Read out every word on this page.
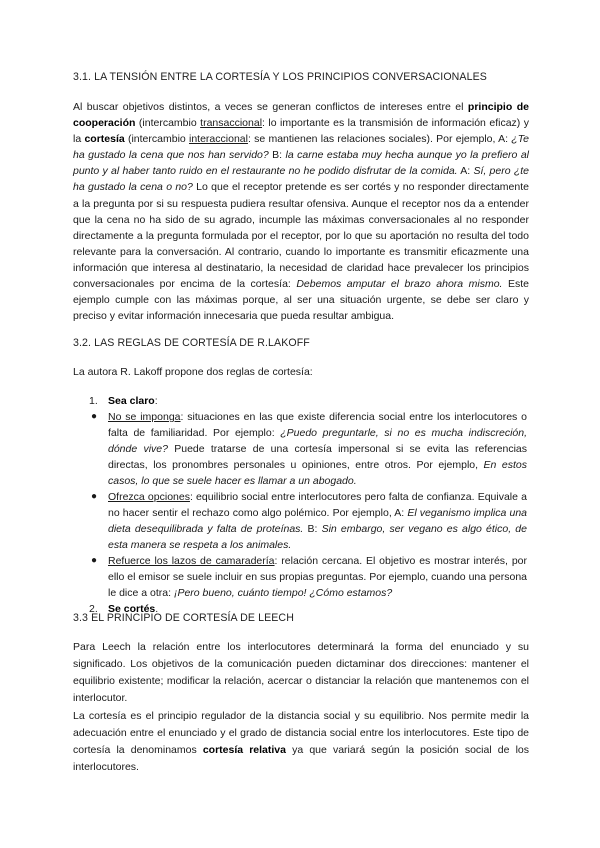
3.1. LA TENSIÓN ENTRE LA CORTESÍA Y LOS PRINCIPIOS CONVERSACIONALES

Al buscar objetivos distintos, a veces se generan conflictos de intereses entre el principio de cooperación (intercambio transaccional: lo importante es la transmisión de información eficaz) y la cortesía (intercambio interaccional: se mantienen las relaciones sociales). Por ejemplo, A: ¿Te ha gustado la cena que nos han servido? B: la carne estaba muy hecha aunque yo la prefiero al punto y al haber tanto ruido en el restaurante no he podido disfrutar de la comida. A: Sí, pero ¿te ha gustado la cena o no? Lo que el receptor pretende es ser cortés y no responder directamente a la pregunta por si su respuesta pudiera resultar ofensiva. Aunque el receptor nos da a entender que la cena no ha sido de su agrado, incumple las máximas conversacionales al no responder directamente a la pregunta formulada por el receptor, por lo que su aportación no resulta del todo relevante para la conversación. Al contrario, cuando lo importante es transmitir eficazmente una información que interesa al destinatario, la necesidad de claridad hace prevalecer los principios conversacionales por encima de la cortesía: Debemos amputar el brazo ahora mismo. Este ejemplo cumple con las máximas porque, al ser una situación urgente, se debe ser claro y preciso y evitar información innecesaria que pueda resultar ambigua.

3.2. LAS REGLAS DE CORTESÍA DE R.LAKOFF

La autora R. Lakoff propone dos reglas de cortesía:

1. Sea claro:
● No se imponga: situaciones en las que existe diferencia social entre los interlocutores o falta de familiaridad. Por ejemplo: ¿Puedo preguntarle, si no es mucha indiscreción, dónde vive? Puede tratarse de una cortesía impersonal si se evita las referencias directas, los pronombres personales u opiniones, entre otros. Por ejemplo, En estos casos, lo que se suele hacer es llamar a un abogado.
● Ofrezca opciones: equilibrio social entre interlocutores pero falta de confianza. Equivale a no hacer sentir el rechazo como algo polémico. Por ejemplo, A: El veganismo implica una dieta desequilibrada y falta de proteínas. B: Sin embargo, ser vegano es algo ético, de esta manera se respeta a los animales.
● Refuerce los lazos de camaradería: relación cercana. El objetivo es mostrar interés, por ello el emisor se suele incluir en sus propias preguntas. Por ejemplo, cuando una persona le dice a otra: ¡Pero bueno, cuánto tiempo! ¿Cómo estamos?
2. Se cortés.
3.3 EL PRINCIPIO DE CORTESÍA DE LEECH

Para Leech la relación entre los interlocutores determinará la forma del enunciado y su significado. Los objetivos de la comunicación pueden dictaminar dos direcciones: mantener el equilibrio existente; modificar la relación, acercar o distanciar la relación que mantenemos con el interlocutor.

La cortesía es el principio regulador de la distancia social y su equilibrio. Nos permite medir la adecuación entre el enunciado y el grado de distancia social entre los interlocutores. Este tipo de cortesía la denominamos cortesía relativa ya que variará según la posición social de los interlocutores.
